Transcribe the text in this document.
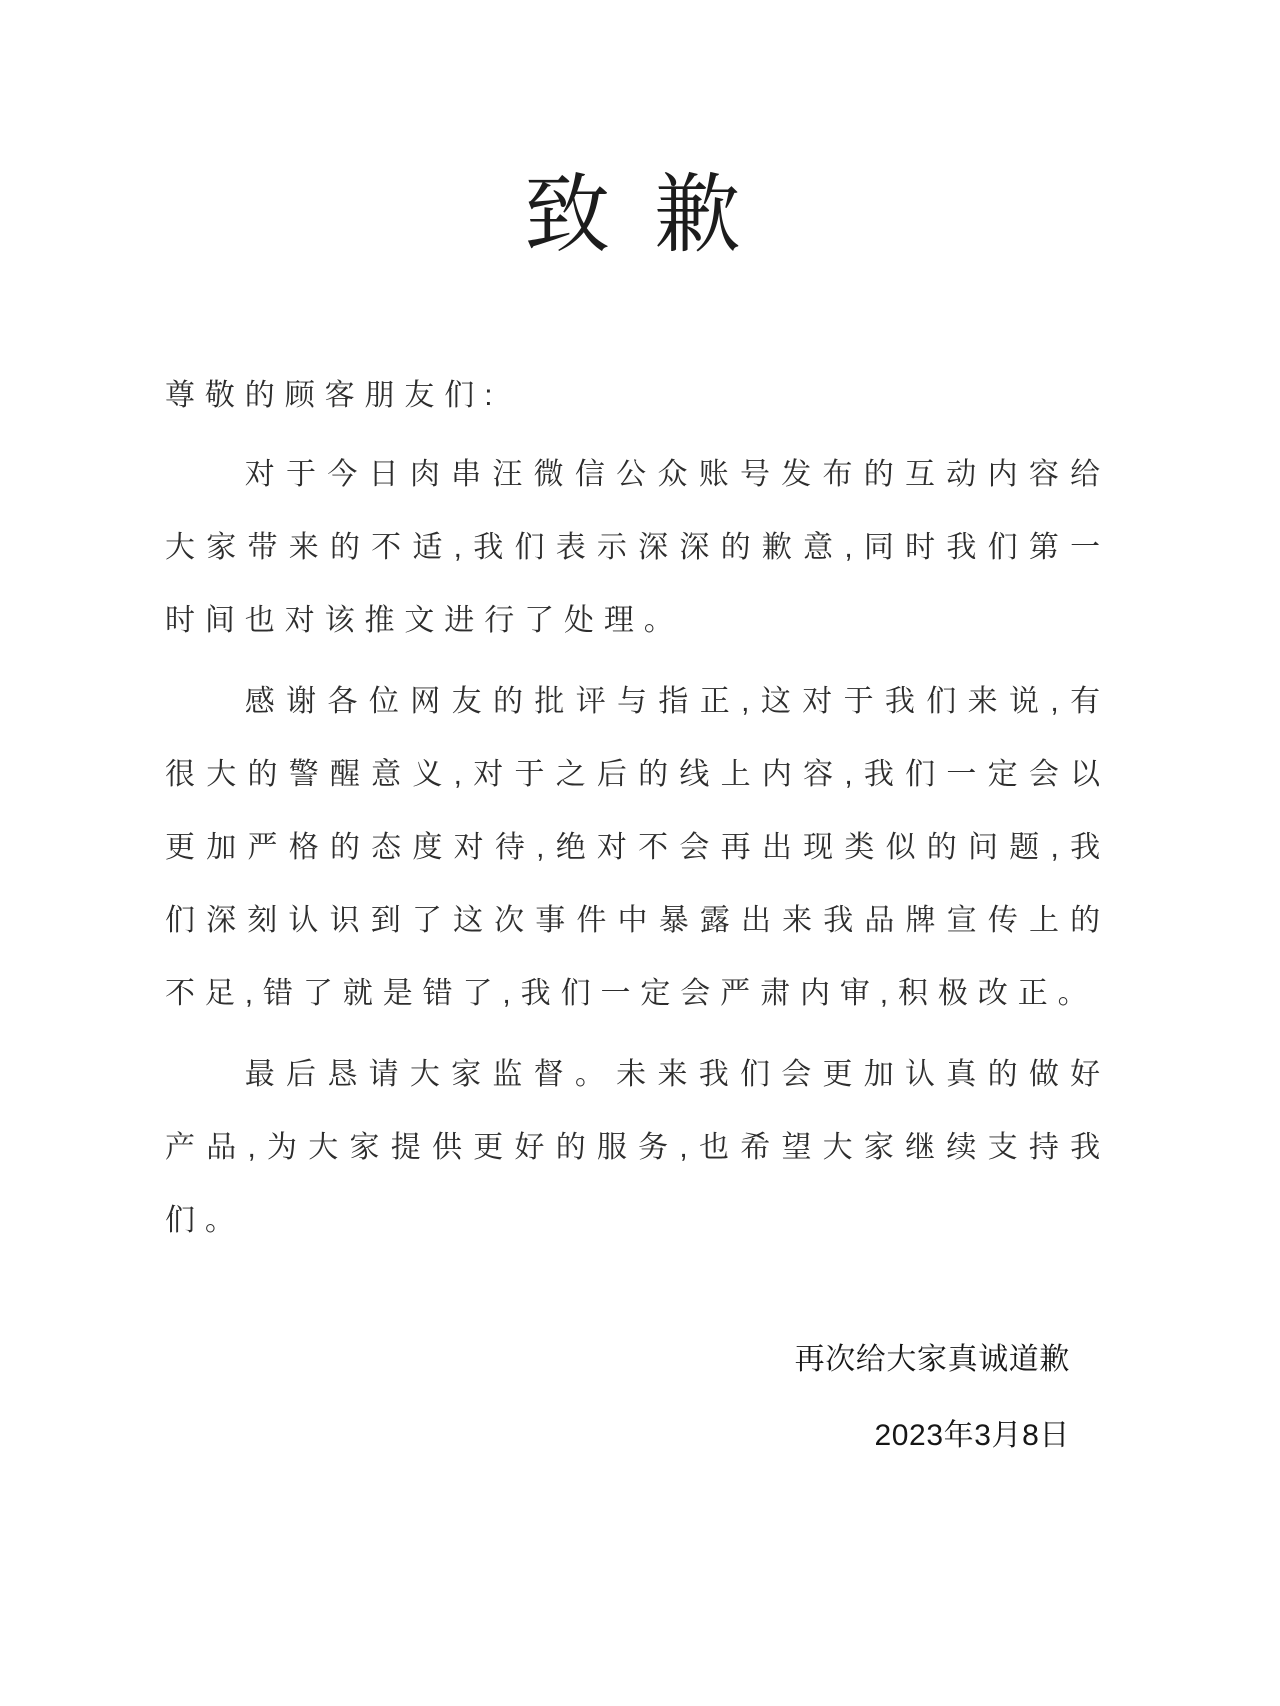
致 歉

尊敬的顾客朋友们:

对于今日肉串汪微信公众账号发布的互动内容给大家带来的不适,我们表示深深的歉意,同时我们第一时间也对该推文进行了处理。

感谢各位网友的批评与指正,这对于我们来说,有很大的警醒意义,对于之后的线上内容,我们一定会以更加严格的态度对待,绝对不会再出现类似的问题,我们深刻认识到了这次事件中暴露出来我品牌宣传上的不足,错了就是错了,我们一定会严肃内审,积极改正。

最后恳请大家监督。未来我们会更加认真的做好产品,为大家提供更好的服务,也希望大家继续支持我们。

再次给大家真诚道歉

2023年3月8日
